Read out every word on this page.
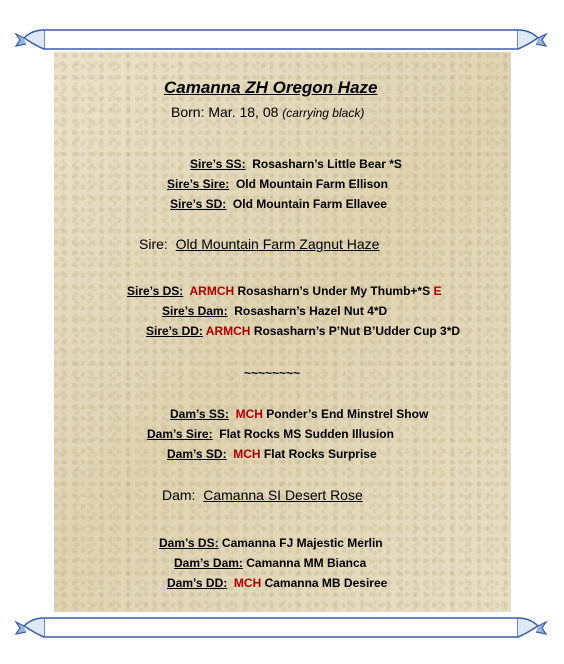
Camanna ZH Oregon Haze
Born: Mar. 18, 08 (carrying black)
Sire’s SS: Rosasharn’s Little Bear *S
Sire’s Sire: Old Mountain Farm Ellison
Sire’s SD: Old Mountain Farm Ellavee
Sire: Old Mountain Farm Zagnut Haze
Sire’s DS: ARMCH Rosasharn’s Under My Thumb+*S E
Sire’s Dam: Rosasharn’s Hazel Nut 4*D
Sire’s DD: ARMCH Rosasharn’s P’Nut B’Udder Cup 3*D
~~~~~~~~
Dam’s SS: MCH Ponder’s End Minstrel Show
Dam’s Sire: Flat Rocks MS Sudden Illusion
Dam’s SD: MCH Flat Rocks Surprise
Dam: Camanna SI Desert Rose
Dam’s DS: Camanna FJ Majestic Merlin
Dam’s Dam: Camanna MM Bianca
Dam’s DD: MCH Camanna MB Desiree
